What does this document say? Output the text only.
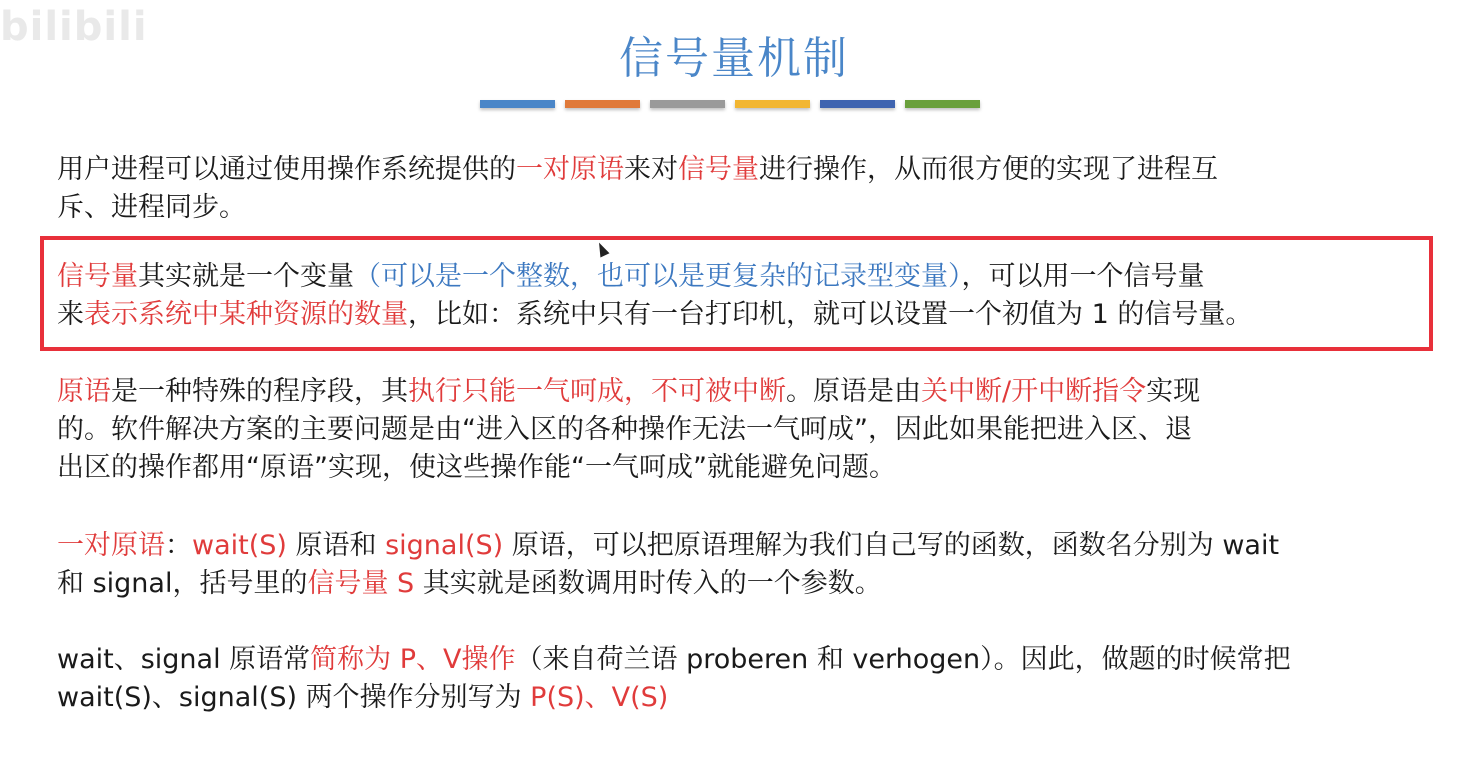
bilibili
信号量机制

用户进程可以通过使用操作系统提供的一对原语来对信号量进行操作，从而很方便的实现了进程互
斥、进程同步。

信号量其实就是一个变量（可以是一个整数，也可以是更复杂的记录型变量），可以用一个信号量
来表示系统中某种资源的数量，比如：系统中只有一台打印机，就可以设置一个初值为 1 的信号量。

原语是一种特殊的程序段，其执行只能一气呵成，不可被中断。原语是由关中断/开中断指令实现
的。软件解决方案的主要问题是由“进入区的各种操作无法一气呵成”，因此如果能把进入区、退
出区的操作都用“原语”实现，使这些操作能“一气呵成”就能避免问题。

一对原语：wait(S) 原语和 signal(S) 原语，可以把原语理解为我们自己写的函数，函数名分别为 wait
和 signal，括号里的信号量 S 其实就是函数调用时传入的一个参数。

wait、signal 原语常简称为 P、V操作（来自荷兰语 proberen 和 verhogen）。因此，做题的时候常把
wait(S)、signal(S) 两个操作分别写为 P(S)、V(S)
